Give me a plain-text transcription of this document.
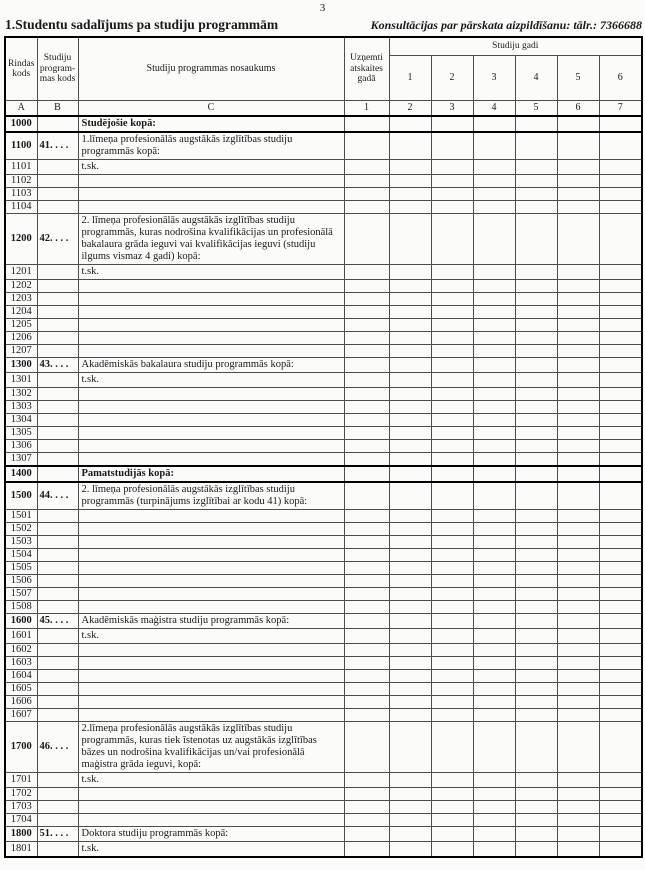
3
1.Studentu sadalījums pa studiju programmām	Konsultācijas par pārskata aizpildīšanu: tālr.: 7366688
Rindas kods	Studiju program- mas kods	Studiju programmas nosaukums	Uzņemti atskaites gadā	Studiju gadi					
				1	2	3	4	5	6
A	B	C	1	2	3	4	5	6	7
1000		Studējošie kopā:							
1100	41. . . .	1.līmeņa profesionālās augstākās izglītības studiju programmās kopā:							
1101		t.sk.							
1102									
1103									
1104									
1200	42. . . .	2. līmeņa profesionālās augstākās izglītības studiju programmās, kuras nodrošina kvalifikācijas un profesionālā bakalaura grāda ieguvi vai kvalifikācijas ieguvi (studiju ilgums vismaz 4 gadi) kopā:							
1201		t.sk.							
1202									
1203									
1204									
1205									
1206									
1207									
1300	43. . . .	Akadēmiskās bakalaura studiju programmās kopā:							
1301		t.sk.							
1302									
1303									
1304									
1305									
1306									
1307									
1400		Pamatstudijās kopā:							
1500	44. . . .	2. līmeņa profesionālās augstākās izglītības studiju programmās (turpinājums izglītībai ar kodu 41) kopā:							
1501									
1502									
1503									
1504									
1505									
1506									
1507									
1508									
1600	45. . . .	Akadēmiskās maģistra studiju programmās kopā:							
1601		t.sk.							
1602									
1603									
1604									
1605									
1606									
1607									
1700	46. . . .	2.līmeņa profesionālās augstākās izglītības studiju programmās, kuras tiek īstenotas uz augstākās izglītības bāzes un nodrošina kvalifikācijas un/vai profesionālā maģistra grāda ieguvi, kopā:							
1701		t.sk.							
1702									
1703									
1704									
1800	51. . . .	Doktora studiju programmās kopā:							
1801		t.sk.							
